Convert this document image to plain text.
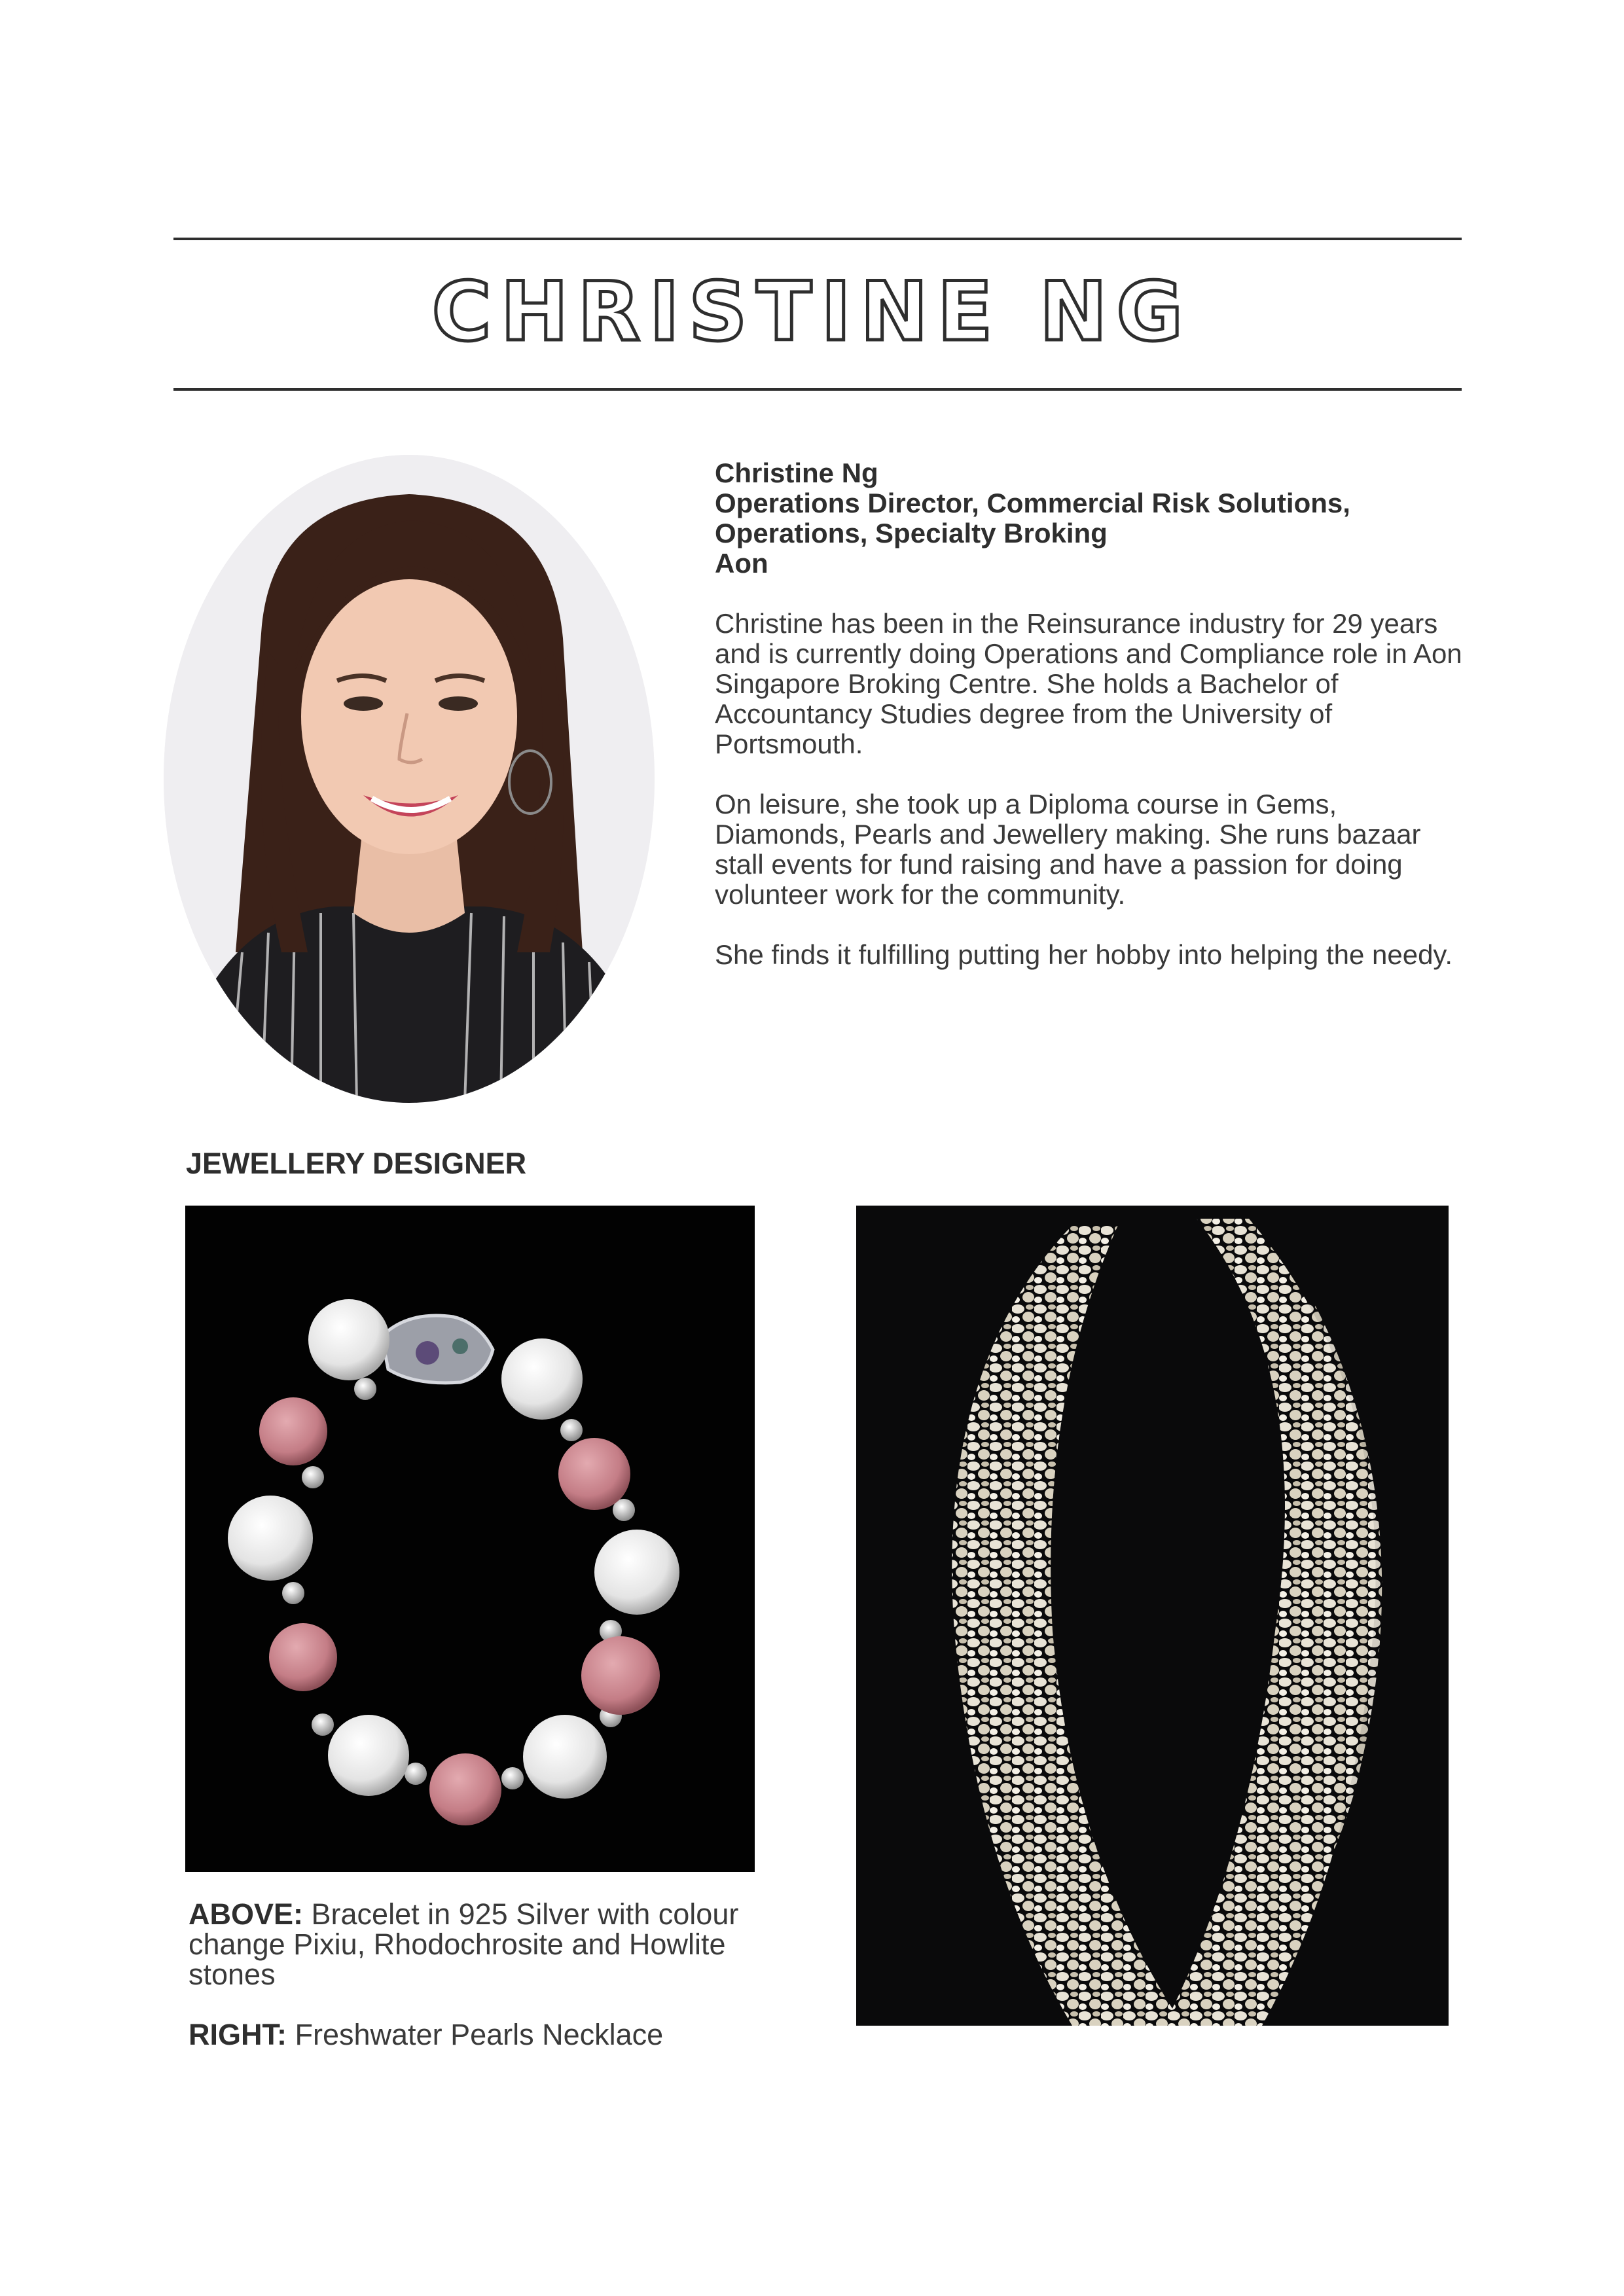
CHRISTINE NG
Christine Ng
Operations Director, Commercial Risk Solutions,
Operations, Specialty Broking
Aon
Christine has been in the Reinsurance industry for 29 years and is currently doing Operations and Compliance role in Aon Singapore Broking Centre. She holds a Bachelor of Accountancy Studies degree from the University of Portsmouth.
On leisure, she took up a Diploma course in Gems, Diamonds, Pearls and Jewellery making. She runs bazaar stall events for fund raising and have a passion for doing volunteer work for the community.
She finds it fulfilling putting her hobby into helping the needy.
JEWELLERY DESIGNER
ABOVE: Bracelet in 925 Silver with colour change Pixiu, Rhodochrosite and Howlite stones
RIGHT: Freshwater Pearls Necklace
